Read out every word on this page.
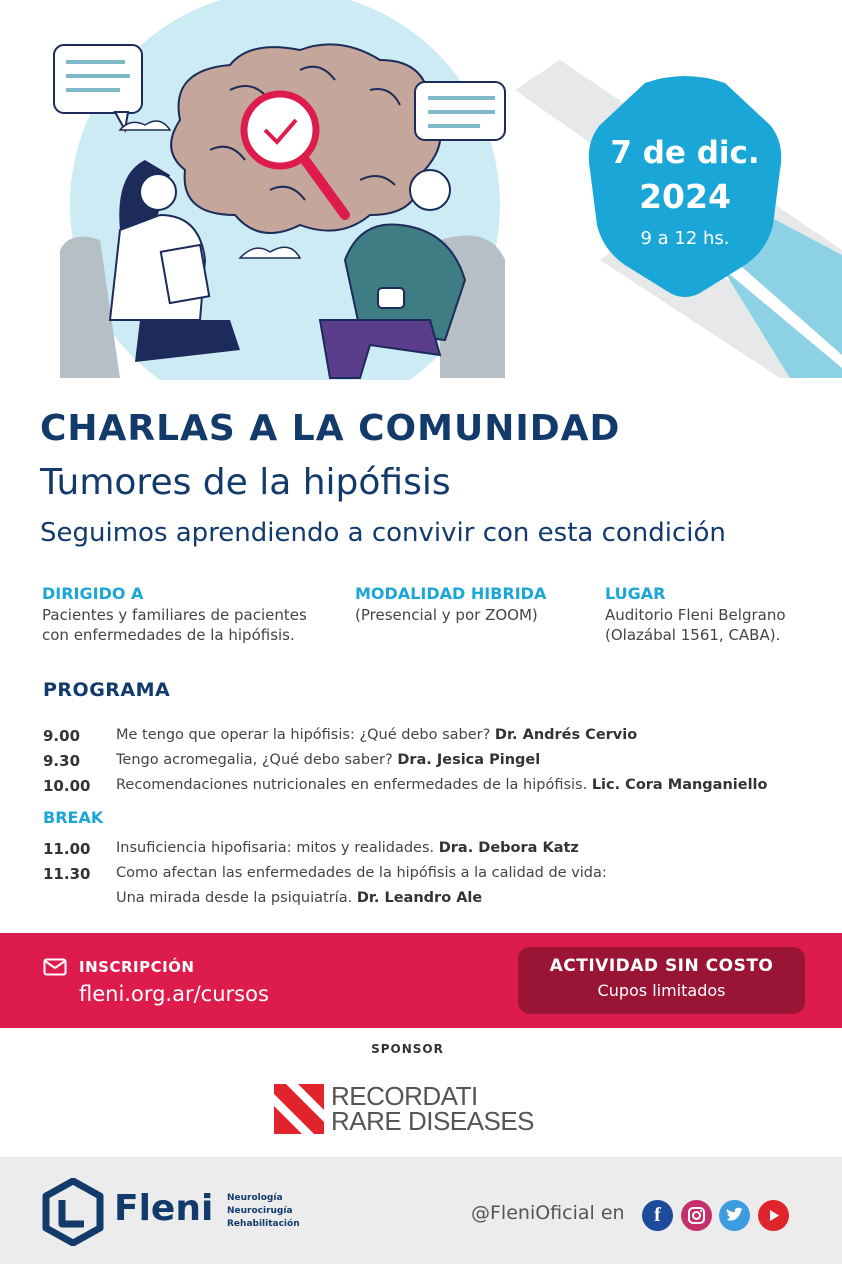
7 de dic.
2024
9 a 12 hs.
CHARLAS A LA COMUNIDAD
Tumores de la hipófisis
Seguimos aprendiendo a convivir con esta condición
DIRIGIDO A
Pacientes y familiares de pacientes
con enfermedades de la hipófisis.
MODALIDAD HIBRIDA
(Presencial y por ZOOM)
LUGAR
Auditorio Fleni Belgrano
(Olazábal 1561, CABA).
PROGRAMA
9.00 Me tengo que operar la hipófisis: ¿Qué debo saber? Dr. Andrés Cervio
9.30 Tengo acromegalia, ¿Qué debo saber? Dra. Jesica Pingel
10.00 Recomendaciones nutricionales en enfermedades de la hipófisis. Lic. Cora Manganiello
BREAK
11.00 Insuficiencia hipofisaria: mitos y realidades. Dra. Debora Katz
11.30 Como afectan las enfermedades de la hipófisis a la calidad de vida:
Una mirada desde la psiquiatría. Dr. Leandro Ale
INSCRIPCIÓN
fleni.org.ar/cursos
ACTIVIDAD SIN COSTO
Cupos limitados
SPONSOR
RECORDATI
RARE DISEASES
Fleni Neurología
Neurocirugía
Rehabilitación	@FleniOficial en	f
